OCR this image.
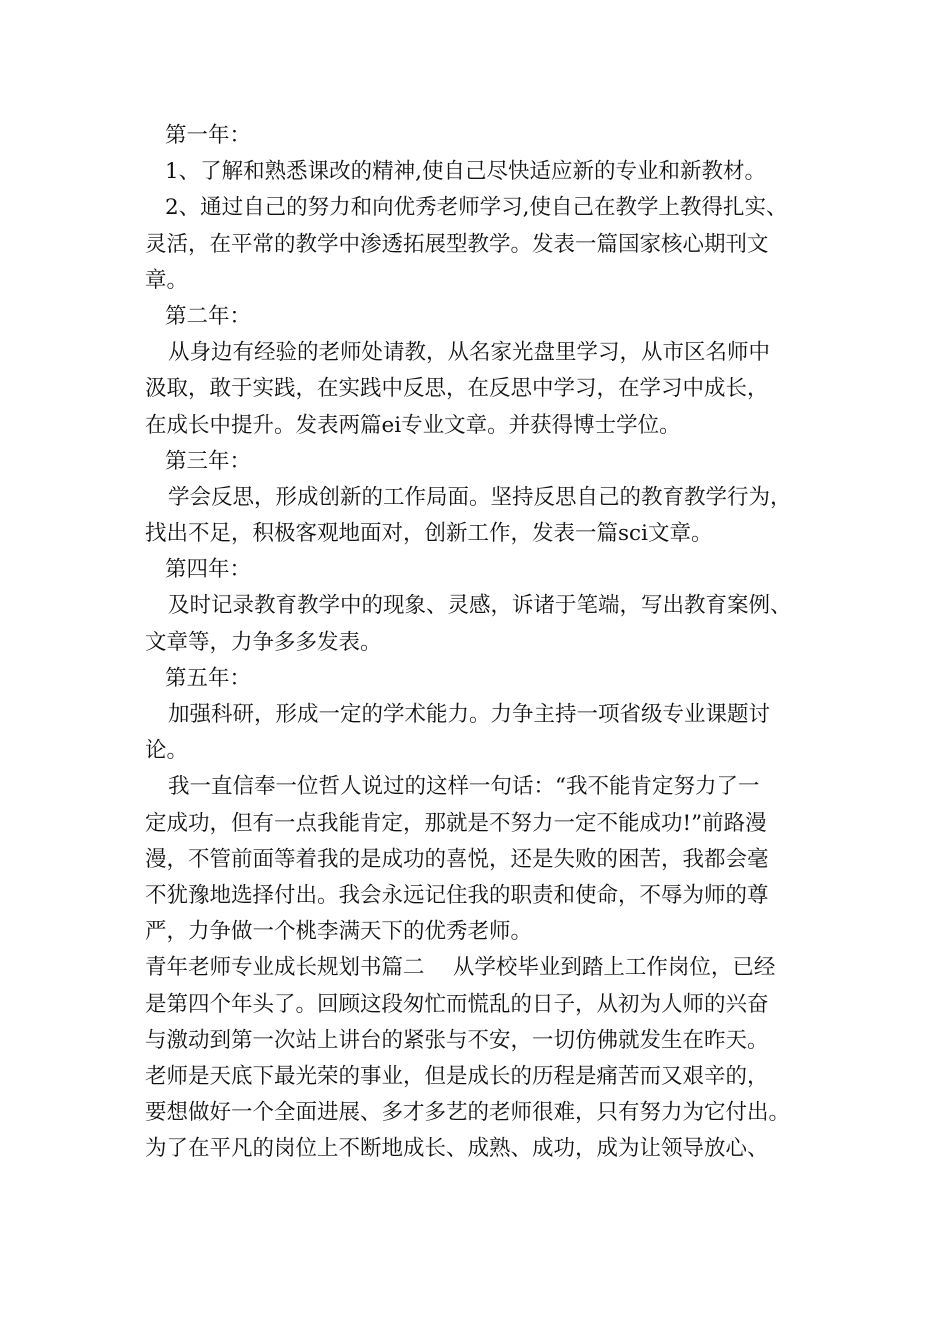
第一年：
1、了解和熟悉课改的精神,使自己尽快适应新的专业和新教材。
2、通过自己的努力和向优秀老师学习,使自己在教学上教得扎实、
灵活，在平常的教学中渗透拓展型教学。发表一篇国家核心期刊文
章。
第二年：
从身边有经验的老师处请教，从名家光盘里学习，从市区名师中
汲取，敢于实践，在实践中反思，在反思中学习，在学习中成长，
在成长中提升。发表两篇ei专业文章。并获得博士学位。
第三年：
学会反思，形成创新的工作局面。坚持反思自己的教育教学行为，
找出不足，积极客观地面对，创新工作，发表一篇sci文章。
第四年：
及时记录教育教学中的现象、灵感，诉诸于笔端，写出教育案例、
文章等，力争多多发表。
第五年：
加强科研，形成一定的学术能力。力争主持一项省级专业课题讨
论。
我一直信奉一位哲人说过的这样一句话：“我不能肯定努力了一
定成功，但有一点我能肯定，那就是不努力一定不能成功!”前路漫
漫，不管前面等着我的是成功的喜悦，还是失败的困苦，我都会毫
不犹豫地选择付出。我会永远记住我的职责和使命，不辱为师的尊
严，力争做一个桃李满天下的优秀老师。
青年老师专业成长规划书篇二　 从学校毕业到踏上工作岗位，已经
是第四个年头了。回顾这段匆忙而慌乱的日子，从初为人师的兴奋
与激动到第一次站上讲台的紧张与不安，一切仿佛就发生在昨天。
老师是天底下最光荣的事业，但是成长的历程是痛苦而又艰辛的，
要想做好一个全面进展、多才多艺的老师很难，只有努力为它付出。
为了在平凡的岗位上不断地成长、成熟、成功，成为让领导放心、
